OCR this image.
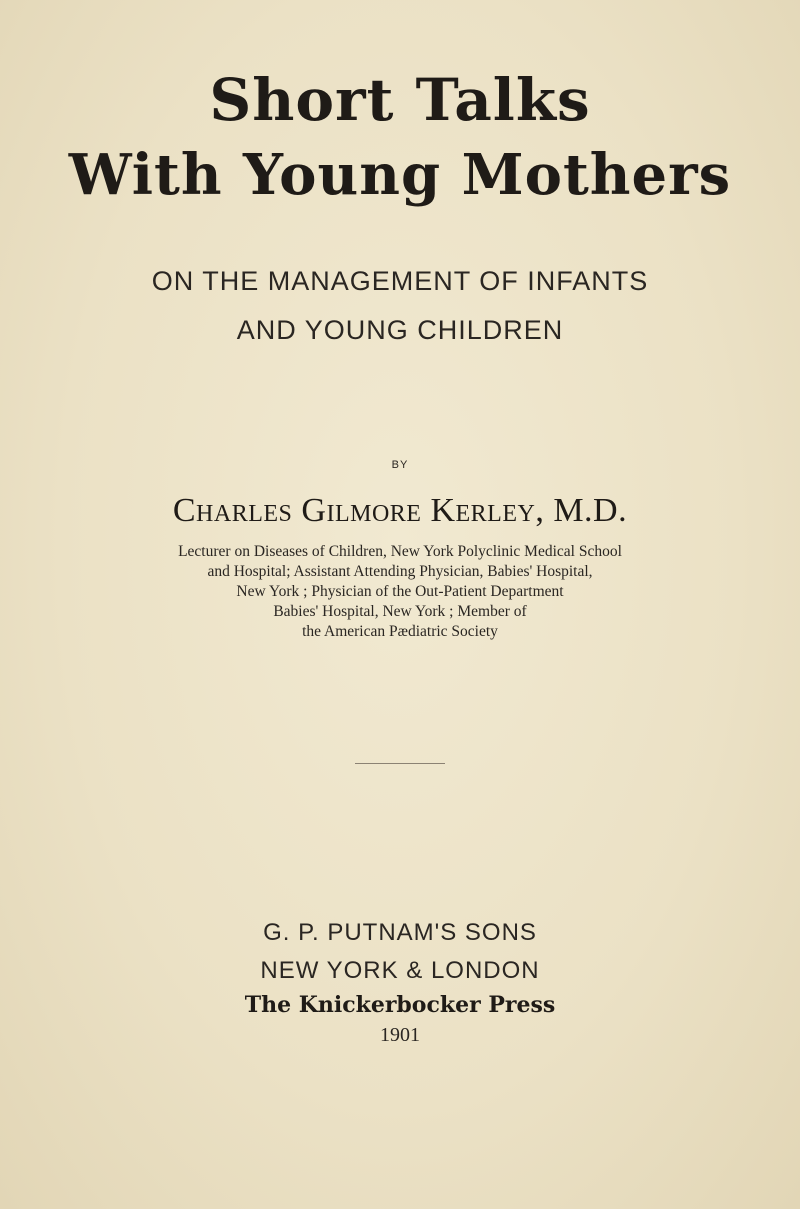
Short Talks
With Young Mothers
ON THE MANAGEMENT OF INFANTS
AND YOUNG CHILDREN
BY
Charles Gilmore Kerley, M.D.
Lecturer on Diseases of Children, New York Polyclinic Medical School
and Hospital; Assistant Attending Physician, Babies' Hospital,
New York ; Physician of the Out-Patient Department
Babies' Hospital, New York ; Member of
the American Pædiatric Society
G. P. PUTNAM'S SONS
NEW YORK & LONDON
The Knickerbocker Press
1901
